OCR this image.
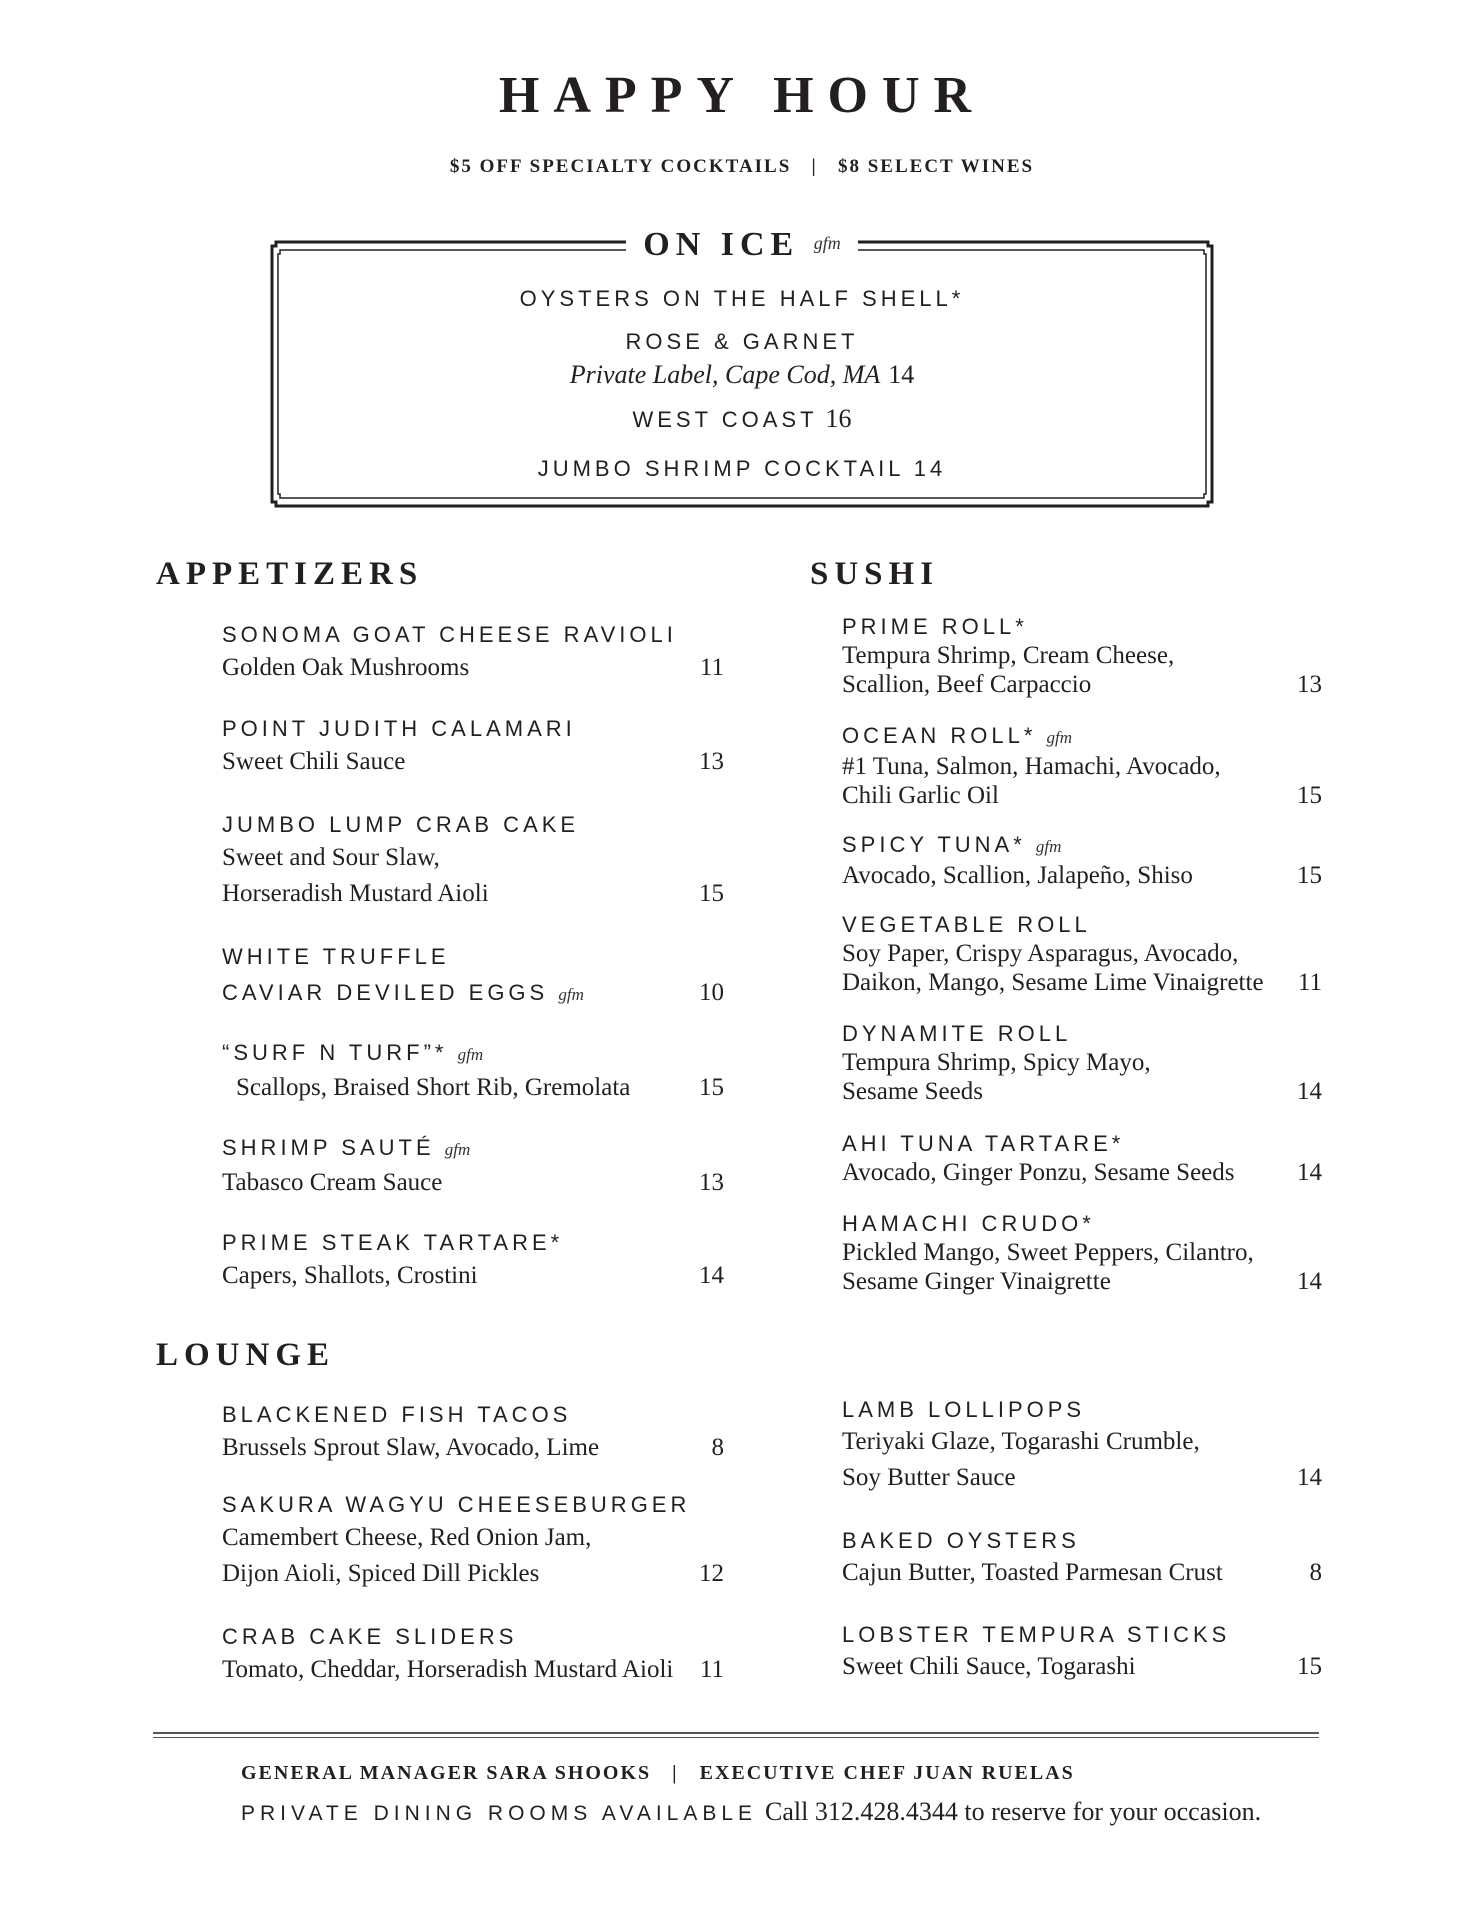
HAPPY HOUR
$5 OFF SPECIALTY COCKTAILS   |   $8 SELECT WINES
ON ICE gfm
OYSTERS ON THE HALF SHELL*
ROSE & GARNET
Private Label, Cape Cod, MA 14
WEST COAST 16
JUMBO SHRIMP COCKTAIL 14
APPETIZERS
SONOMA GOAT CHEESE RAVIOLI
Golden Oak Mushrooms	11
POINT JUDITH CALAMARI
Sweet Chili Sauce	13
JUMBO LUMP CRAB CAKE
Sweet and Sour Slaw,
Horseradish Mustard Aioli	15
WHITE TRUFFLE
CAVIAR DEVILED EGGS gfm	10
“SURF N TURF”* gfm
Scallops, Braised Short Rib, Gremolata	15
SHRIMP SAUTÉ gfm
Tabasco Cream Sauce	13
PRIME STEAK TARTARE*
Capers, Shallots, Crostini	14
SUSHI
PRIME ROLL*
Tempura Shrimp, Cream Cheese,
Scallion, Beef Carpaccio	13
OCEAN ROLL* gfm
#1 Tuna, Salmon, Hamachi, Avocado,
Chili Garlic Oil	15
SPICY TUNA* gfm
Avocado, Scallion, Jalapeño, Shiso	15
VEGETABLE ROLL
Soy Paper, Crispy Asparagus, Avocado,
Daikon, Mango, Sesame Lime Vinaigrette 11
DYNAMITE ROLL
Tempura Shrimp, Spicy Mayo,
Sesame Seeds	14
AHI TUNA TARTARE*
Avocado, Ginger Ponzu, Sesame Seeds 14
HAMACHI CRUDO*
Pickled Mango, Sweet Peppers, Cilantro,
Sesame Ginger Vinaigrette	14
LOUNGE
BLACKENED FISH TACOS
Brussels Sprout Slaw, Avocado, Lime	8
SAKURA WAGYU CHEESEBURGER
Camembert Cheese, Red Onion Jam,
Dijon Aioli, Spiced Dill Pickles	12
CRAB CAKE SLIDERS
Tomato, Cheddar, Horseradish Mustard Aioli 11
LAMB LOLLIPOPS
Teriyaki Glaze, Togarashi Crumble,
Soy Butter Sauce	14
BAKED OYSTERS
Cajun Butter, Toasted Parmesan Crust	8
LOBSTER TEMPURA STICKS
Sweet Chili Sauce, Togarashi	15
GENERAL MANAGER SARA SHOOKS   |   EXECUTIVE CHEF JUAN RUELAS
PRIVATE DINING ROOMS AVAILABLE Call 312.428.4344 to reserve for your occasion.
